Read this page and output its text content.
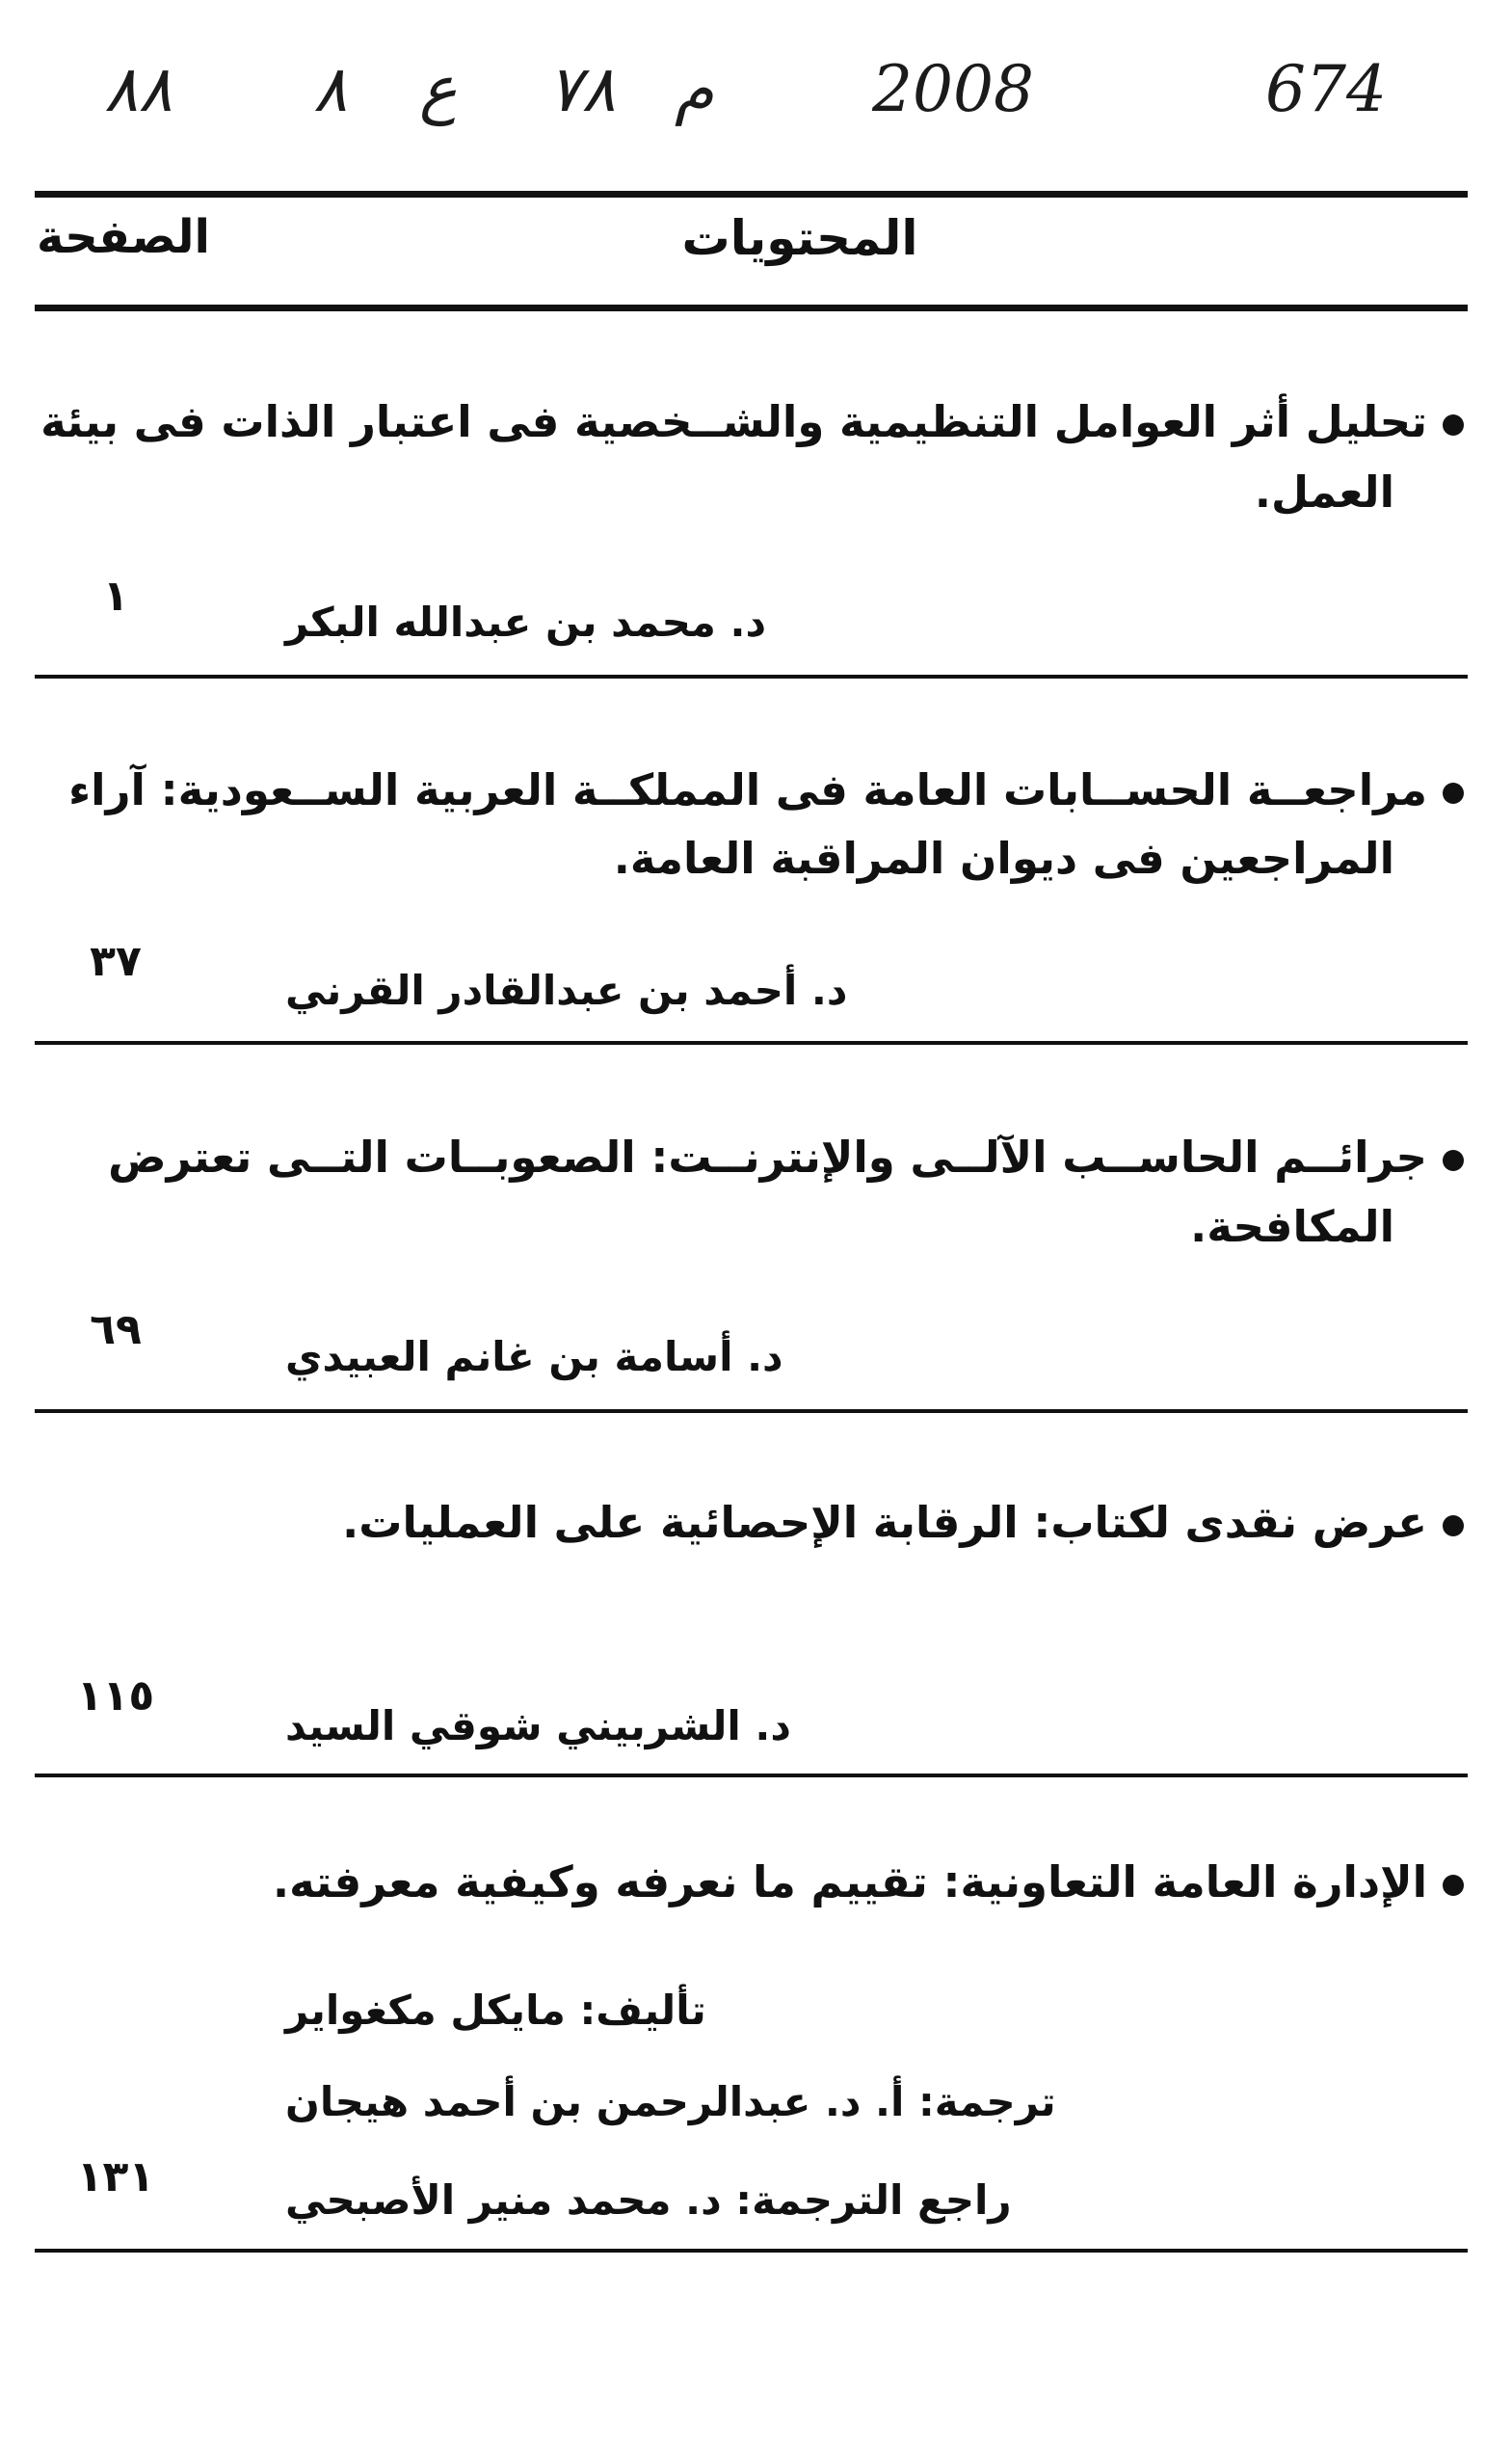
٨٨ ٨ ع ٧٨ م 2008	674
المحتويات
الصفحة
تحليل أثر العوامل التنظيمية والشــخصية فى اعتبار الذات فى بيئة
العمل.
١
د. محمد بن عبدالله البكر
مراجعــة الحســابات العامة فى المملكــة العربية الســعودية: آراء
المراجعين فى ديوان المراقبة العامة.
٣٧
د. أحمد بن عبدالقادر القرني
جرائــم الحاســب الآلــى والإنترنــت: الصعوبــات التــى تعترض
المكافحة.
٦٩
د. أسامة بن غانم العبيدي
عرض نقدى لكتاب: الرقابة الإحصائية على العمليات.
١١٥
د. الشربيني شوقي السيد
الإدارة العامة التعاونية: تقييم ما نعرفه وكيفية معرفته.
تأليف: مايكل مكغواير
ترجمة: أ. د. عبدالرحمن بن أحمد هيجان
١٣١	راجع الترجمة: د. محمد منير الأصبحي
